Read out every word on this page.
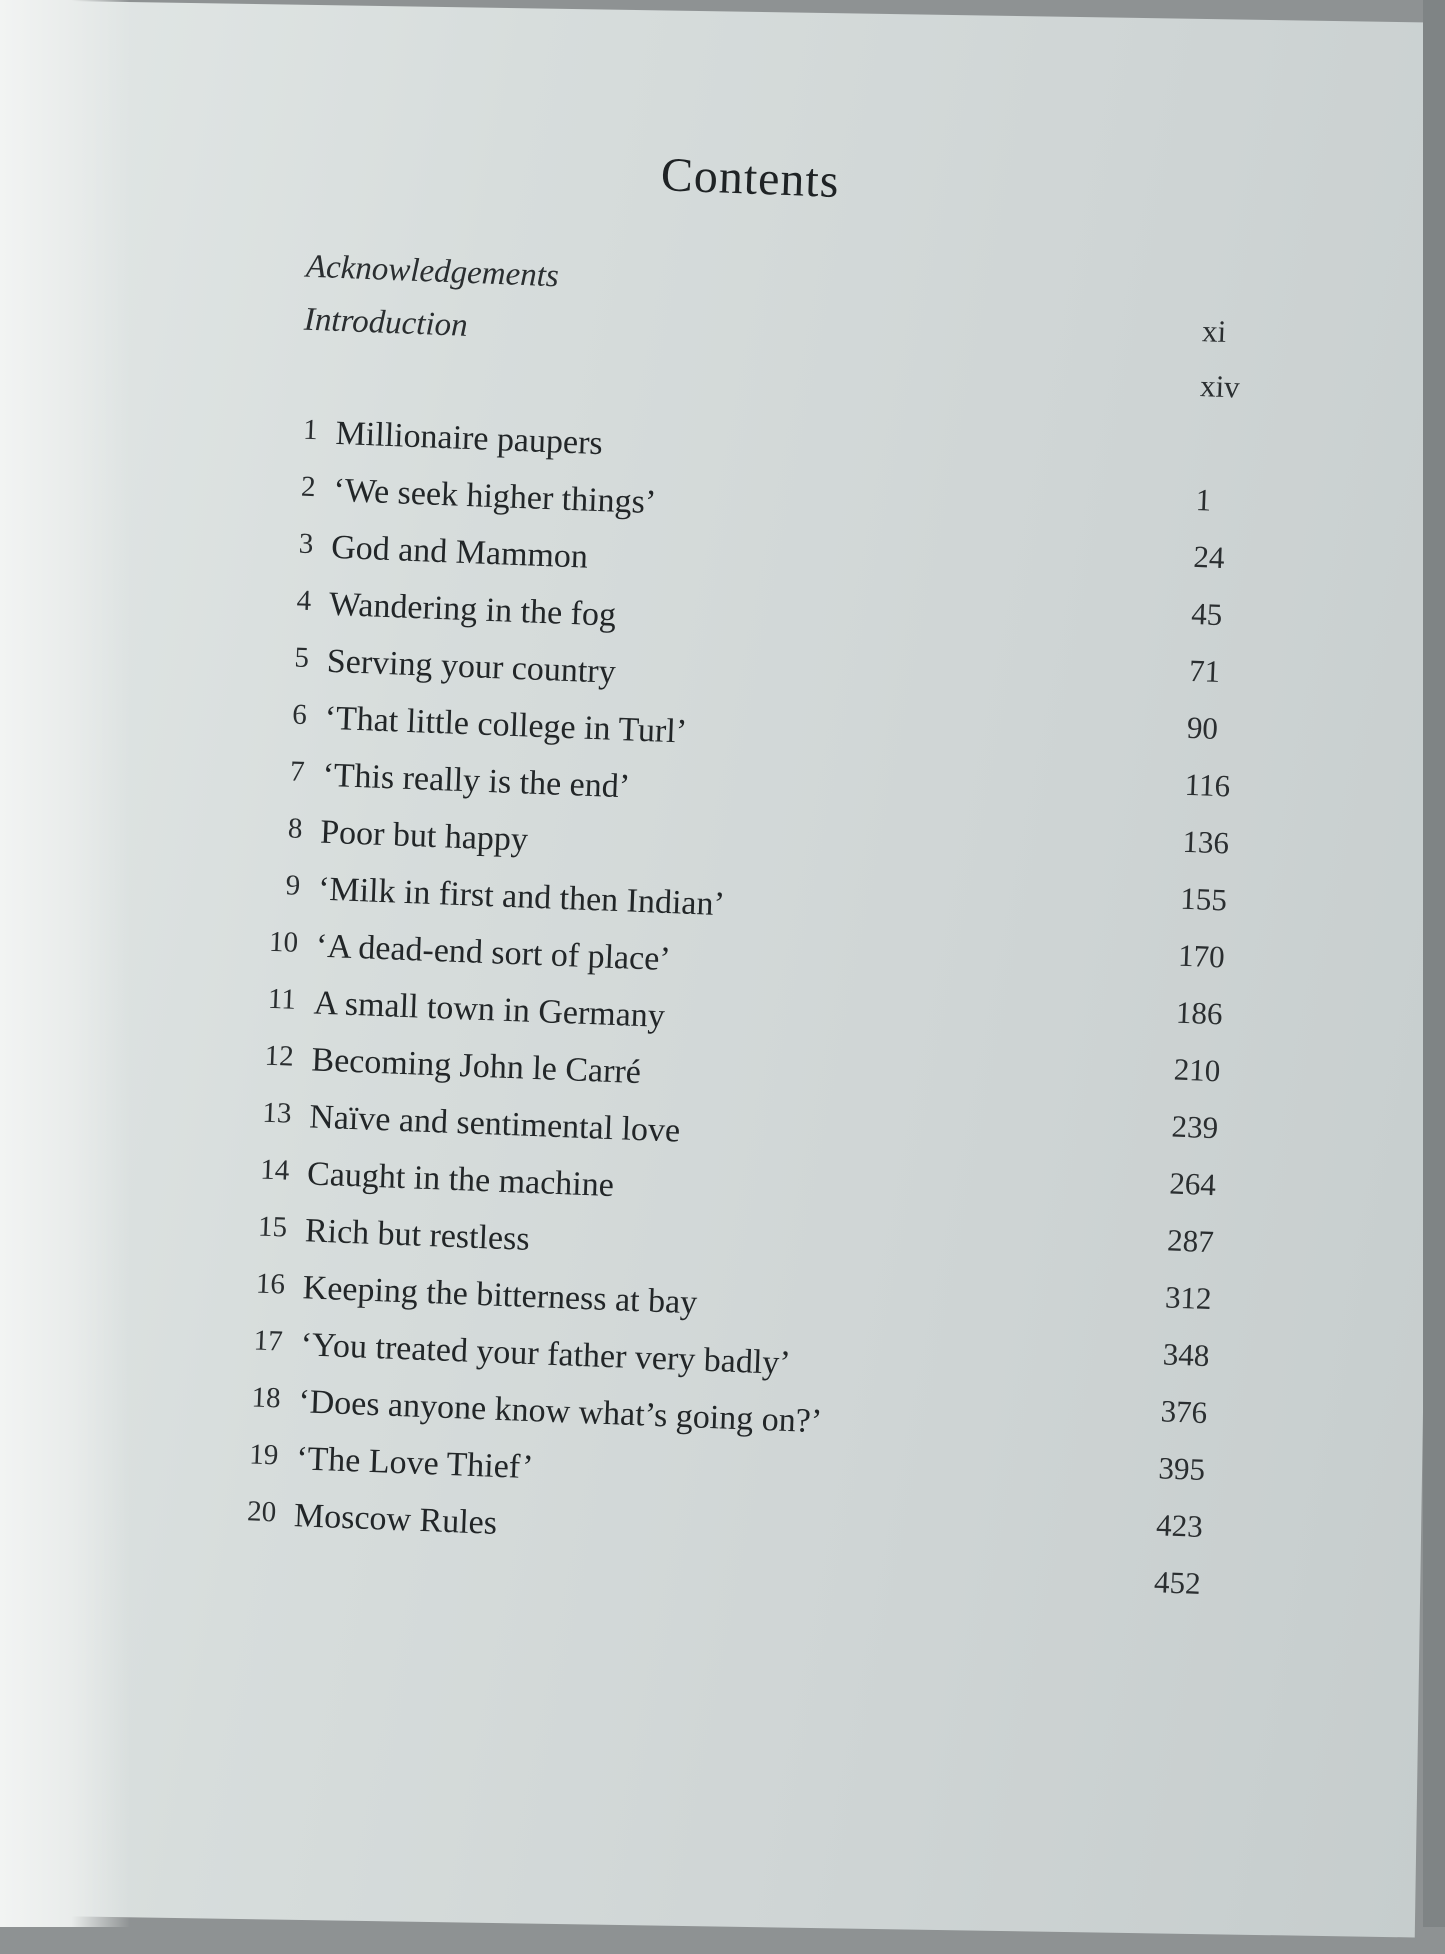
Contents
Acknowledgements
xi
Introduction
xiv
1 Millionaire paupers
1
2 ‘We seek higher things’
24
3 God and Mammon
45
4 Wandering in the fog
71
5 Serving your country
90
6 ‘That little college in Turl’
116
7 ‘This really is the end’
136
8 Poor but happy
155
9 ‘Milk in first and then Indian’
170
10 ‘A dead-end sort of place’
186
11 A small town in Germany
210
12 Becoming John le Carré
239
13 Naïve and sentimental love
264
14 Caught in the machine
287
15 Rich but restless
312
16 Keeping the bitterness at bay
348
17 ‘You treated your father very badly’
376
18 ‘Does anyone know what’s going on?’
395
19 ‘The Love Thief’
423
20 Moscow Rules
452
